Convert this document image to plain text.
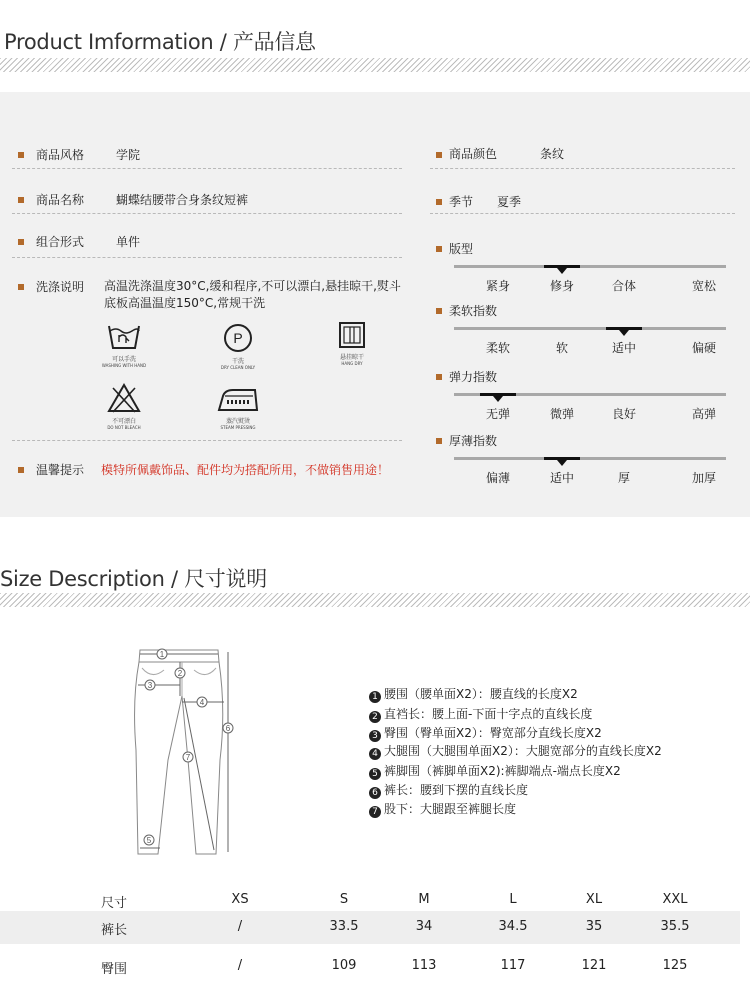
Product Imformation / 产品信息
商品风格	学院
商品名称	蝴蝶结腰带合身条纹短裤
组合形式	单件
洗涤说明 高温洗涤温度30°C,缓和程序,不可以漂白,悬挂晾干,熨斗底板高温温度150°C,常规干洗
可以手洗
WASHING WITH HAND
P
干洗
DRY CLEAN ONLY
悬挂晾干
HANG DRY
不可漂白
DO NOT BLEACH
蒸汽熨烫
STEAM PRESSING
温馨提示 模特所佩戴饰品、配件均为搭配所用，不做销售用途！
商品颜色	条纹
季节 夏季
版型
紧身	修身	合体	宽松
柔软指数
柔软	软	适中	偏硬
弹力指数
无弹	微弹	良好	高弹
厚薄指数
偏薄	适中	厚	加厚
Size Description / 尺寸说明
1
2
3
4
5
6
7
1 腰围（腰单面X2）：腰直线的长度X2
2 直裆长：腰上面-下面十字点的直线长度
3 臀围（臀单面X2）：臀宽部分直线长度X2
4 大腿围（大腿围单面X2）：大腿宽部分的直线长度X2
5 裤脚围（裤脚单面X2):裤脚端点-端点长度X2
6 裤长：腰到下摆的直线长度
7 股下：大腿跟至裤腿长度
尺寸	XS	S	M	L	XL	XXL
裤长	/	33.5	34	34.5	35	35.5
臀围	/	109	113	117	121	125
